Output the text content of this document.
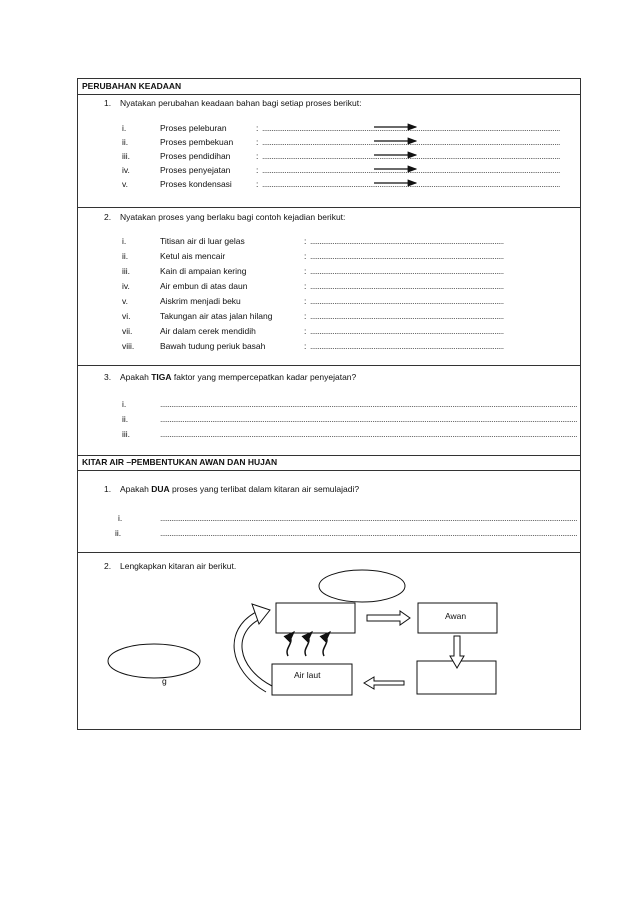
PERUBAHAN KEADAAN
1. Nyatakan perubahan keadaan bahan bagi setiap proses berikut:
i.	Proses peleburan	: ................................................................................................................................................................
ii.	Proses pembekuan	: ................................................................................................................................................................
iii.	Proses pendidihan	: ................................................................................................................................................................
iv.	Proses penyejatan	: ................................................................................................................................................................
v.	Proses kondensasi	: ................................................................................................................................................................
2. Nyatakan proses yang berlaku bagi contoh kejadian berikut:
i.	Titisan air di luar gelas	: ........................................................................................................
ii.	Ketul ais mencair	: ........................................................................................................
iii.	Kain di ampaian kering	: ........................................................................................................
iv.	Air embun di atas daun	: ........................................................................................................
v.	Aiskrim menjadi beku	: ........................................................................................................
vi.	Takungan air atas jalan hilang	: ........................................................................................................
vii.	Air dalam cerek mendidih	: ........................................................................................................
viii.	Bawah tudung periuk basah	: ........................................................................................................
3. Apakah TIGA faktor yang mempercepatkan kadar penyejatan?
i.	................................................................................................................................................................................................................................
ii.	................................................................................................................................................................................................................................
iii.	................................................................................................................................................................................................................................
KITAR AIR –PEMBENTUKAN AWAN DAN HUJAN
1. Apakah DUA proses yang terlibat dalam kitaran air semulajadi?
i.	................................................................................................................................................................................................................................
ii.	................................................................................................................................................................................................................................
2. Lengkapkan kitaran air berikut.
Awan
Air laut
g
